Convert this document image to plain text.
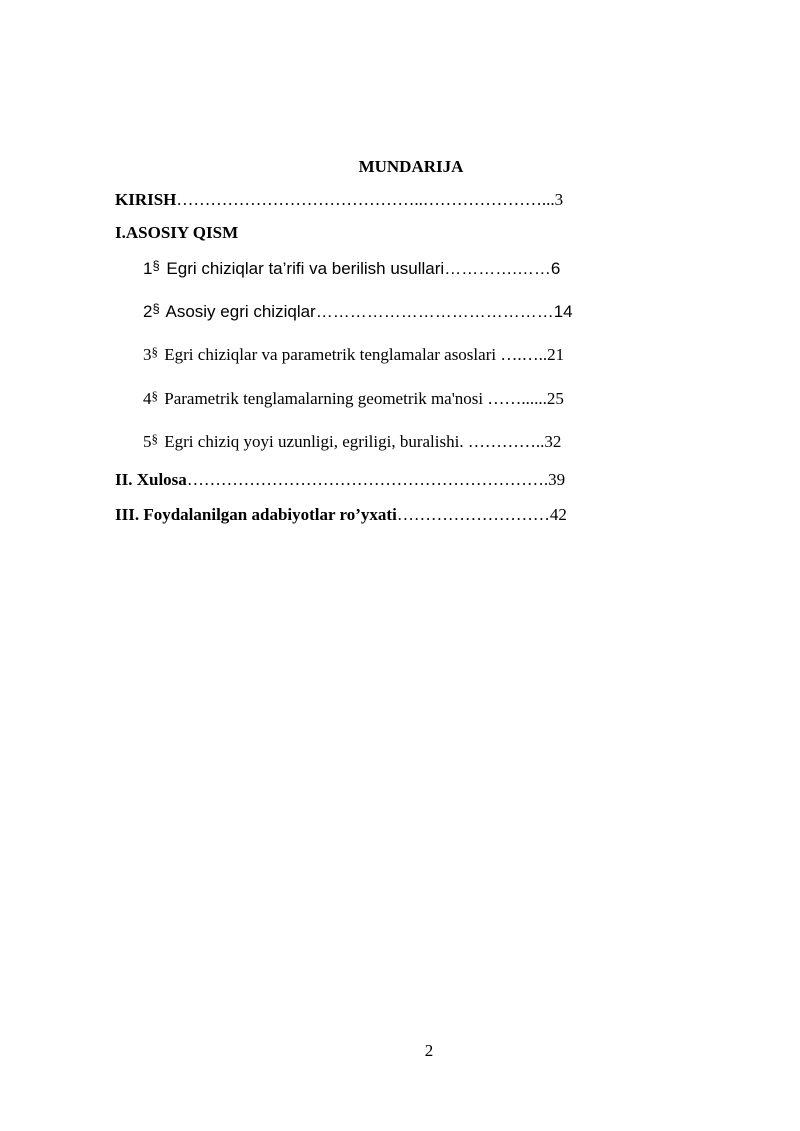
MUNDARIJA
KIRISH……………………………………..…………………...3
I.ASOSIY QISM
1§ Egri chiziqlar ta’rifi va berilish usullari………….……6
2§ Asosiy egri chiziqlar……………………………………14
3§ Egri chiziqlar va parametrik tenglamalar asoslari ….…..21
4§ Parametrik tenglamalarning geometrik ma'nosi ……......25
5§ Egri chiziq yoyi uzunligi, egriligi, buralishi. …………..32
II. Xulosa……………………………………………………….39
III. Foydalanilgan adabiyotlar ro’yxati………………………42
2
